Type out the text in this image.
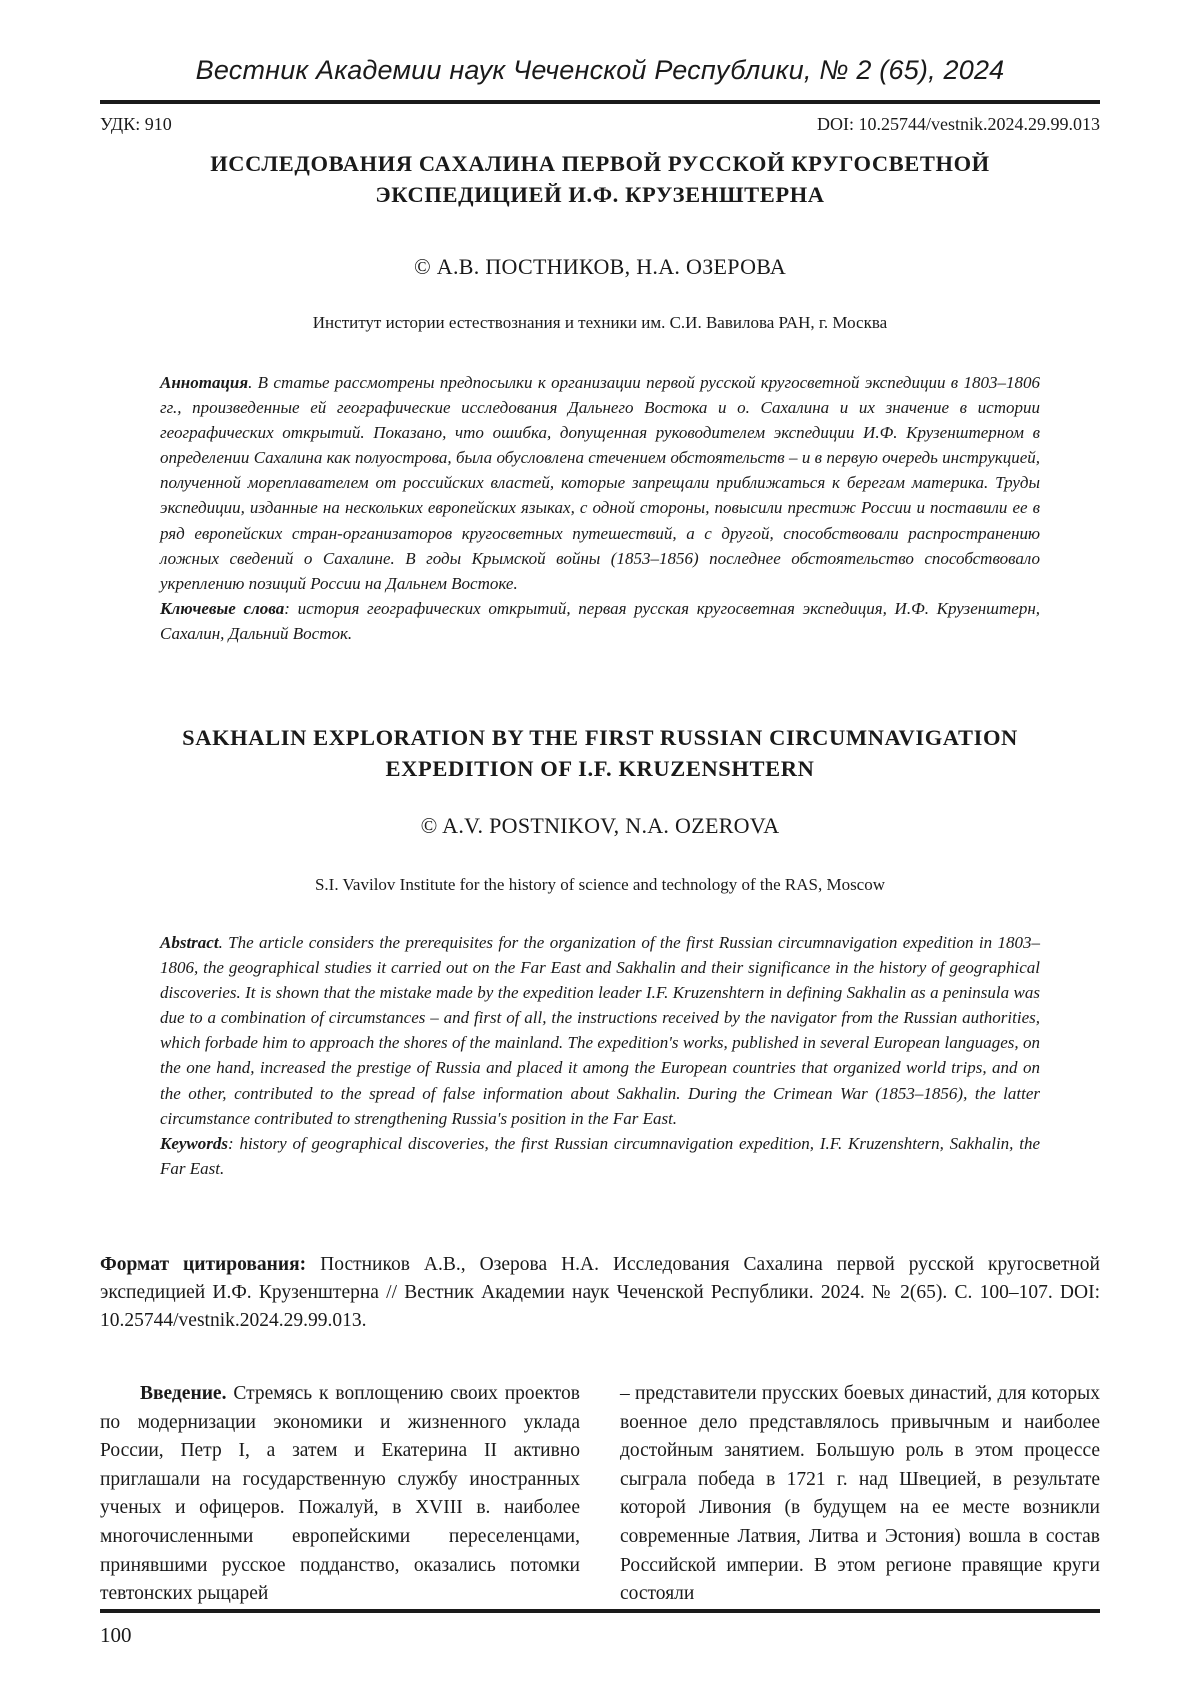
Вестник Академии наук Чеченской Республики, № 2 (65), 2024
УДК: 910	DOI: 10.25744/vestnik.2024.29.99.013
ИССЛЕДОВАНИЯ САХАЛИНА ПЕРВОЙ РУССКОЙ КРУГОСВЕТНОЙ
ЭКСПЕДИЦИЕЙ И.Ф. КРУЗЕНШТЕРНА
© А.В. ПОСТНИКОВ, Н.А. ОЗЕРОВА
Институт истории естествознания и техники им. С.И. Вавилова РАН, г. Москва
Аннотация. В статье рассмотрены предпосылки к организации первой русской кругосветной экспедиции в 1803–1806 гг., произведенные ей географические исследования Дальнего Востока и о. Сахалина и их значение в истории географических открытий. Показано, что ошибка, допущенная руководителем экспедиции И.Ф. Крузенштерном в определении Сахалина как полуострова, была обусловлена стечением обстоятельств – и в первую очередь инструкцией, полученной мореплавателем от российских властей, которые запрещали приближаться к берегам материка. Труды экспедиции, изданные на нескольких европейских языках, с одной стороны, повысили престиж России и поставили ее в ряд европейских стран-организаторов кругосветных путешествий, а с другой, способствовали распространению ложных сведений о Сахалине. В годы Крымской войны (1853–1856) последнее обстоятельство способствовало укреплению позиций России на Дальнем Востоке.
Ключевые слова: история географических открытий, первая русская кругосветная экспедиция, И.Ф. Крузенштерн, Сахалин, Дальний Восток.
SAKHALIN EXPLORATION BY THE FIRST RUSSIAN CIRCUMNAVIGATION
EXPEDITION OF I.F. KRUZENSHTERN
© A.V. POSTNIKOV, N.A. OZEROVA
S.I. Vavilov Institute for the history of science and technology of the RAS, Moscow
Abstract. The article considers the prerequisites for the organization of the first Russian circumnavigation expedition in 1803–1806, the geographical studies it carried out on the Far East and Sakhalin and their significance in the history of geographical discoveries. It is shown that the mistake made by the expedition leader I.F. Kruzenshtern in defining Sakhalin as a peninsula was due to a combination of circumstances – and first of all, the instructions received by the navigator from the Russian authorities, which forbade him to approach the shores of the mainland. The expedition's works, published in several European languages, on the one hand, increased the prestige of Russia and placed it among the European countries that organized world trips, and on the other, contributed to the spread of false information about Sakhalin. During the Crimean War (1853–1856), the latter circumstance contributed to strengthening Russia's position in the Far East.
Keywords: history of geographical discoveries, the first Russian circumnavigation expedition, I.F. Kruzenshtern, Sakhalin, the Far East.
Формат цитирования: Постников А.В., Озерова Н.А. Исследования Сахалина первой русской кругосветной экспедицией И.Ф. Крузенштерна // Вестник Академии наук Чеченской Республики. 2024. № 2(65). С. 100–107. DOI: 10.25744/vestnik.2024.29.99.013.
Введение. Стремясь к воплощению своих проектов по модернизации экономики и жизненного уклада России, Петр I, а затем и Екатерина II активно приглашали на государственную службу иностранных ученых и офицеров. Пожалуй, в XVIII в. наиболее многочисленными европейскими переселенцами, принявшими русское подданство, оказались потомки тевтонских рыцарей
– представители прусских боевых династий, для которых военное дело представлялось привычным и наиболее достойным занятием. Большую роль в этом процессе сыграла победа в 1721 г. над Швецией, в результате которой Ливония (в будущем на ее месте возникли современные Латвия, Литва и Эстония) вошла в состав Российской империи. В этом регионе правящие круги состояли
100
